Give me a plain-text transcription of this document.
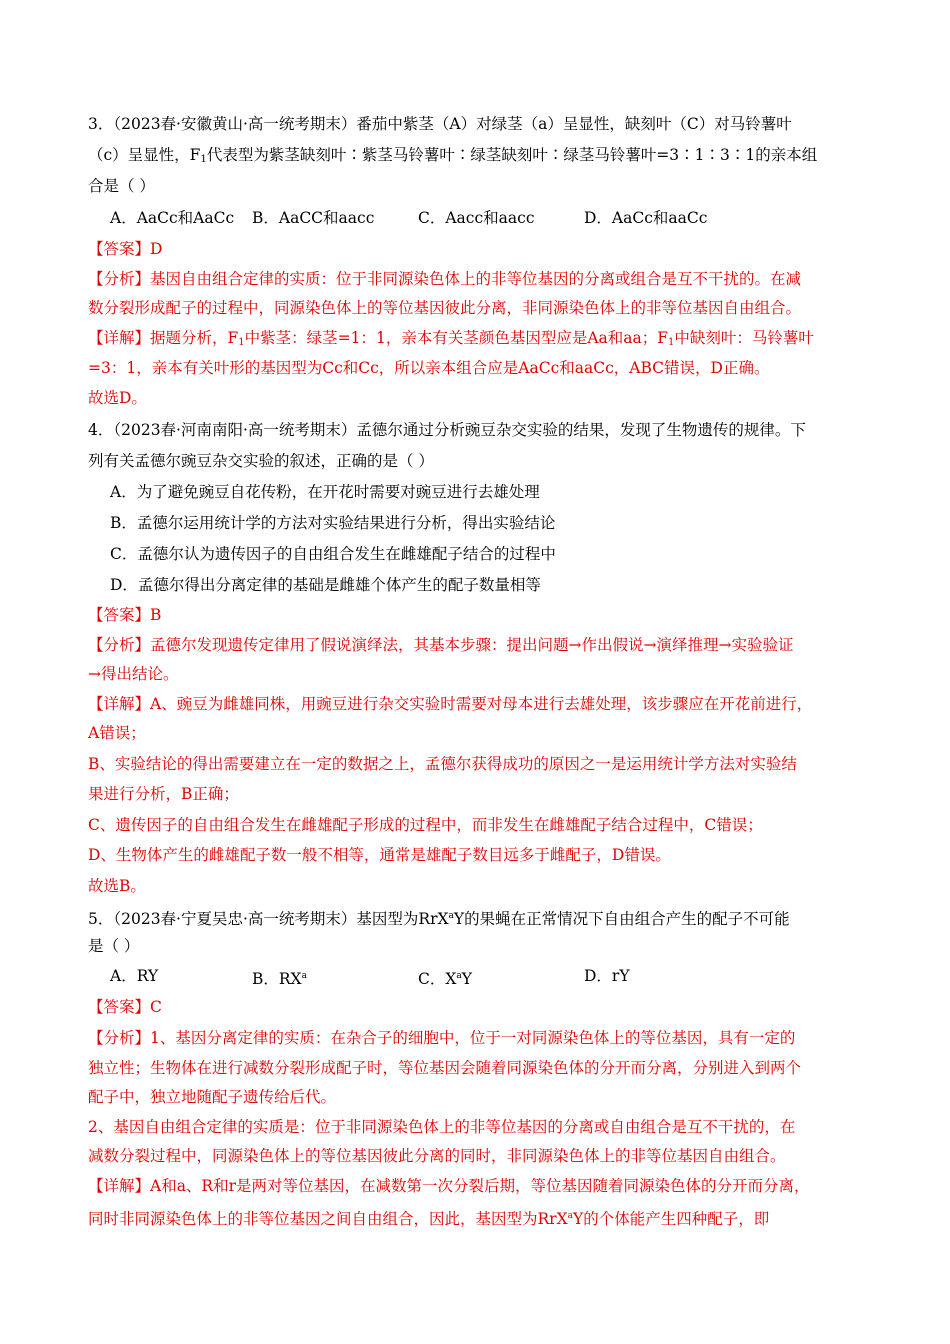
3．（2023春·安徽黄山·高一统考期末）番茄中紫茎（A）对绿茎（a）呈显性，缺刻叶（C）对马铃薯叶
（c）呈显性，$F_1$代表型为紫茎缺刻叶∶紫茎马铃薯叶∶绿茎缺刻叶∶绿茎马铃薯叶=3∶1∶3∶1的亲本组
合是（ ）
A．AaCc和AaCc B．AaCC和aacc	C．Aacc和aacc	D．AaCc和aaCc
【答案】D
【分析】基因自由组合定律的实质：位于非同源染色体上的非等位基因的分离或组合是互不干扰的。在减
数分裂形成配子的过程中，同源染色体上的等位基因彼此分离，非同源染色体上的非等位基因自由组合。
【详解】据题分析，$F_1$中紫茎：绿茎=1：1，亲本有关茎颜色基因型应是Aa和aa；$F_1$中缺刻叶：马铃薯叶
=3：1，亲本有关叶形的基因型为Cc和Cc，所以亲本组合应是AaCc和aaCc，ABC错误，D正确。
故选D。
4．（2023春·河南南阳·高一统考期末）孟德尔通过分析豌豆杂交实验的结果，发现了生物遗传的规律。下
列有关孟德尔豌豆杂交实验的叙述，正确的是（ ）
A．为了避免豌豆自花传粉，在开花时需要对豌豆进行去雄处理
B．孟德尔运用统计学的方法对实验结果进行分析，得出实验结论
C．孟德尔认为遗传因子的自由组合发生在雌雄配子结合的过程中
D．孟德尔得出分离定律的基础是雌雄个体产生的配子数量相等
【答案】B
【分析】孟德尔发现遗传定律用了假说演绎法，其基本步骤：提出问题→作出假说→演绎推理→实验验证
→得出结论。
【详解】A、豌豆为雌雄同株，用豌豆进行杂交实验时需要对母本进行去雄处理，该步骤应在开花前进行，
A错误；
B、实验结论的得出需要建立在一定的数据之上，孟德尔获得成功的原因之一是运用统计学方法对实验结
果进行分析，B正确；
C、遗传因子的自由组合发生在雌雄配子形成的过程中，而非发生在雌雄配子结合过程中，C错误；
D、生物体产生的雌雄配子数一般不相等，通常是雄配子数目远多于雌配子，D错误。
故选B。
5．（2023春·宁夏吴忠·高一统考期末）基因型为RrX$^a$Y的果蝇在正常情况下自由组合产生的配子不可能
是（ ）
A．RY	B．$RX^a$	C．$X^aY$	D．rY
【答案】C
【分析】1、基因分离定律的实质：在杂合子的细胞中，位于一对同源染色体上的等位基因，具有一定的
独立性；生物体在进行减数分裂形成配子时，等位基因会随着同源染色体的分开而分离，分别进入到两个
配子中，独立地随配子遗传给后代。
2、基因自由组合定律的实质是：位于非同源染色体上的非等位基因的分离或自由组合是互不干扰的，在
减数分裂过程中，同源染色体上的等位基因彼此分离的同时，非同源染色体上的非等位基因自由组合。
【详解】A和a、R和r是两对等位基因，在减数第一次分裂后期，等位基因随着同源染色体的分开而分离，
同时非同源染色体上的非等位基因之间自由组合，因此，基因型为RrX$^a$Y的个体能产生四种配子，即
